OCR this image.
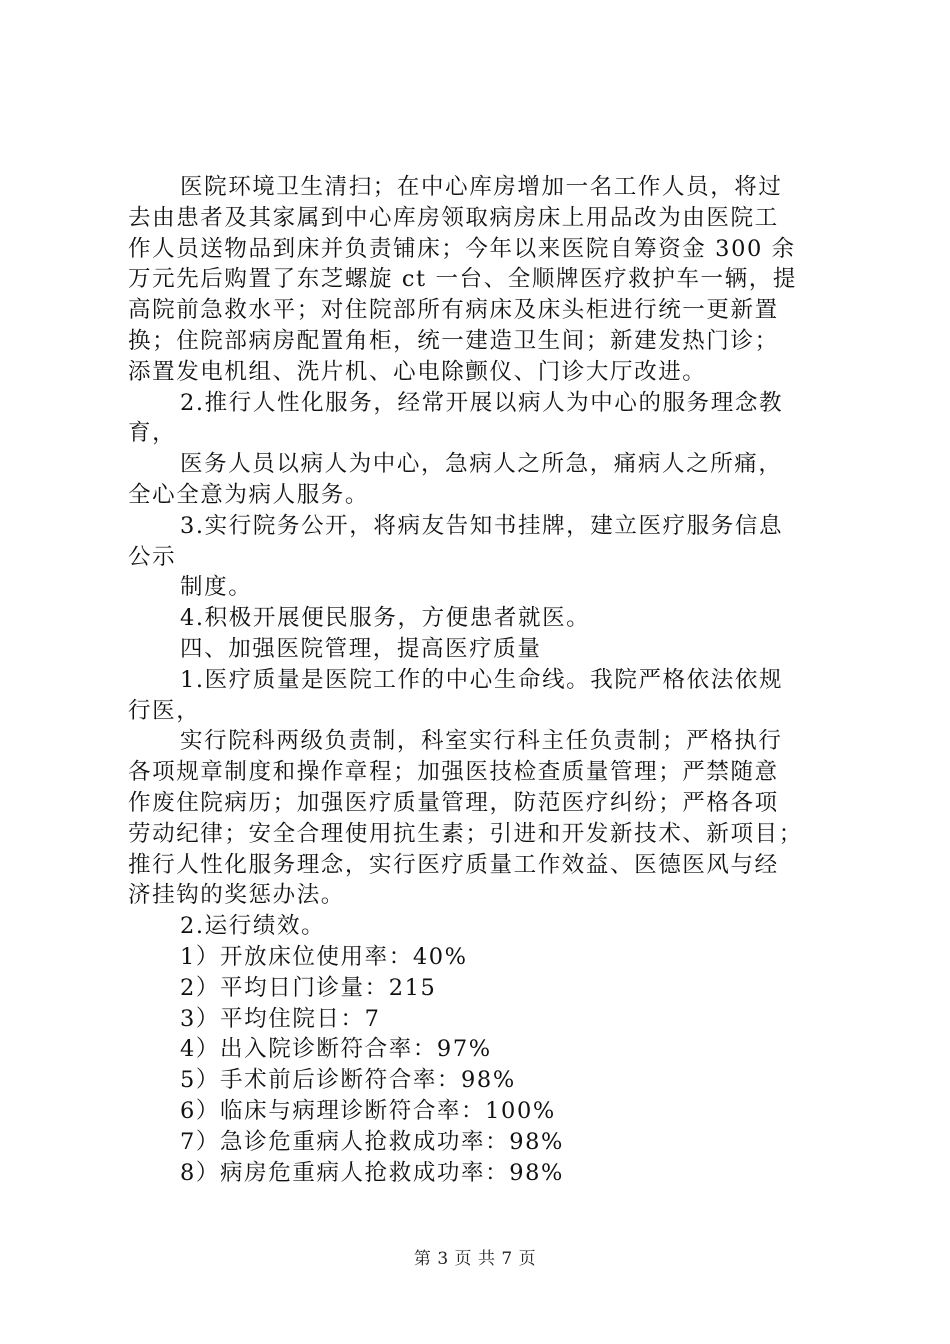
医院环境卫生清扫；在中心库房增加一名工作人员，将过
去由患者及其家属到中心库房领取病房床上用品改为由医院工
作人员送物品到床并负责铺床；今年以来医院自筹资金 300 余
万元先后购置了东芝螺旋 ct 一台、全顺牌医疗救护车一辆，提
高院前急救水平；对住院部所有病床及床头柜进行统一更新置
换；住院部病房配置角柜，统一建造卫生间；新建发热门诊；
添置发电机组、洗片机、心电除颤仪、门诊大厅改进。
2.推行人性化服务，经常开展以病人为中心的服务理念教
育，
医务人员以病人为中心，急病人之所急，痛病人之所痛，
全心全意为病人服务。
3.实行院务公开，将病友告知书挂牌，建立医疗服务信息
公示
制度。
4.积极开展便民服务，方便患者就医。
四、加强医院管理，提高医疗质量
1.医疗质量是医院工作的中心生命线。我院严格依法依规
行医，
实行院科两级负责制，科室实行科主任负责制；严格执行
各项规章制度和操作章程；加强医技检查质量管理；严禁随意
作废住院病历；加强医疗质量管理，防范医疗纠纷；严格各项
劳动纪律；安全合理使用抗生素；引进和开发新技术、新项目；
推行人性化服务理念，实行医疗质量工作效益、医德医风与经
济挂钩的奖惩办法。
2.运行绩效。
1）开放床位使用率：40%
2）平均日门诊量：215
3）平均住院日：7
4）出入院诊断符合率：97%
5）手术前后诊断符合率：98%
6）临床与病理诊断符合率：100%
7）急诊危重病人抢救成功率：98%
8）病房危重病人抢救成功率：98%
第 3 页 共 7 页
